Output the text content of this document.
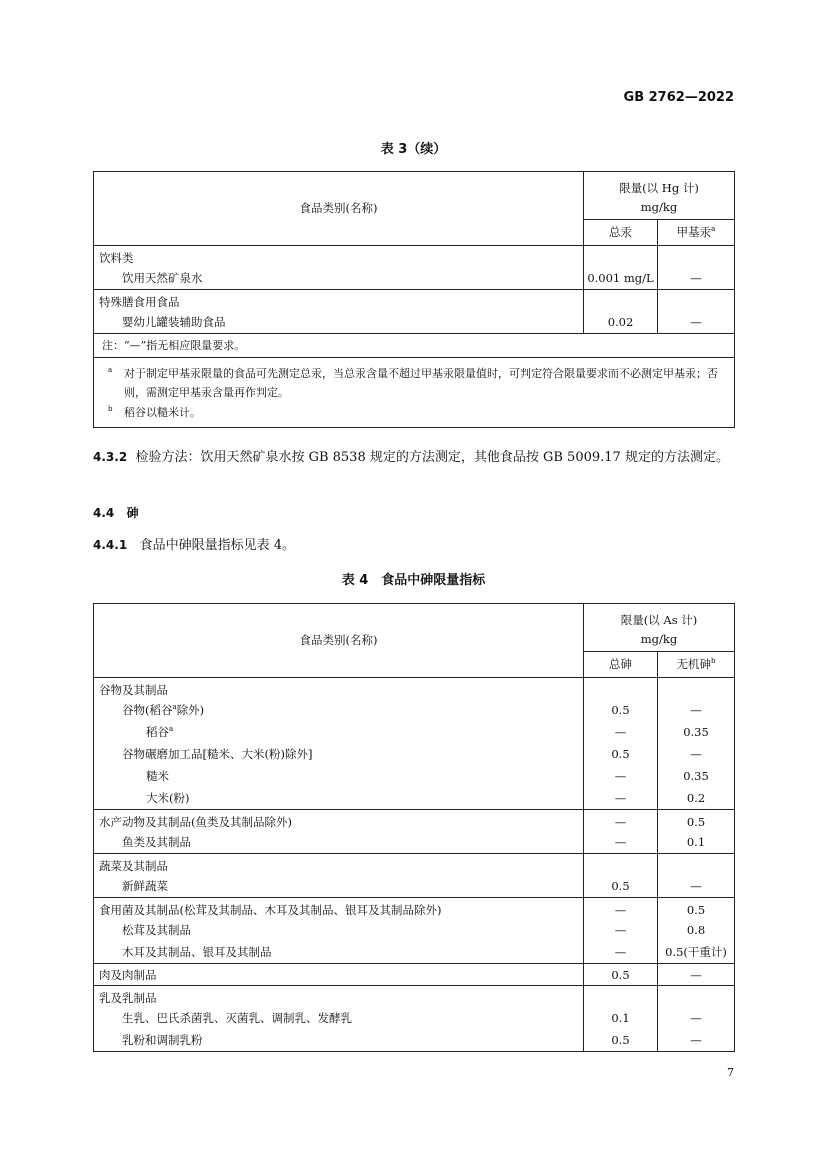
GB 2762—2022
表 3（续）
食品类别(名称)	限量(以 Hg 计)
mg/kg	
	总汞	甲基汞$^a$
饮料类		
饮用天然矿泉水	0.001 mg/L	—
特殊膳食用食品		
婴幼儿罐装辅助食品	0.02	—
注：“—”指无相应限量要求。		

a 对于制定甲基汞限量的食品可先测定总汞，当总汞含量不超过甲基汞限量值时，可判定符合限量要求而不必测定甲基汞；否则，需测定甲基汞含量再作判定。
b 稻谷以糙米计。		
4.3.2 检验方法：饮用天然矿泉水按 GB 8538 规定的方法测定，其他食品按 GB 5009.17 规定的方法测定。
4.4 砷
4.4.1 食品中砷限量指标见表 4。
表 4　食品中砷限量指标
食品类别(名称)	限量(以 As 计)
mg/kg	
	总砷	无机砷$^b$
谷物及其制品		
谷物(稻谷$^a$除外)	0.5	—
稻谷$^a$	—	0.35
谷物碾磨加工品[糙米、大米(粉)除外]	0.5	—
糙米	—	0.35
大米(粉)	—	0.2
水产动物及其制品(鱼类及其制品除外)	—	0.5
鱼类及其制品	—	0.1
蔬菜及其制品		
新鲜蔬菜	0.5	—
食用菌及其制品(松茸及其制品、木耳及其制品、银耳及其制品除外)	—	0.5
松茸及其制品	—	0.8
木耳及其制品、银耳及其制品	—	0.5(干重计)
肉及肉制品	0.5	—
乳及乳制品		
生乳、巴氏杀菌乳、灭菌乳、调制乳、发酵乳	0.1	—
乳粉和调制乳粉	0.5	—
7
